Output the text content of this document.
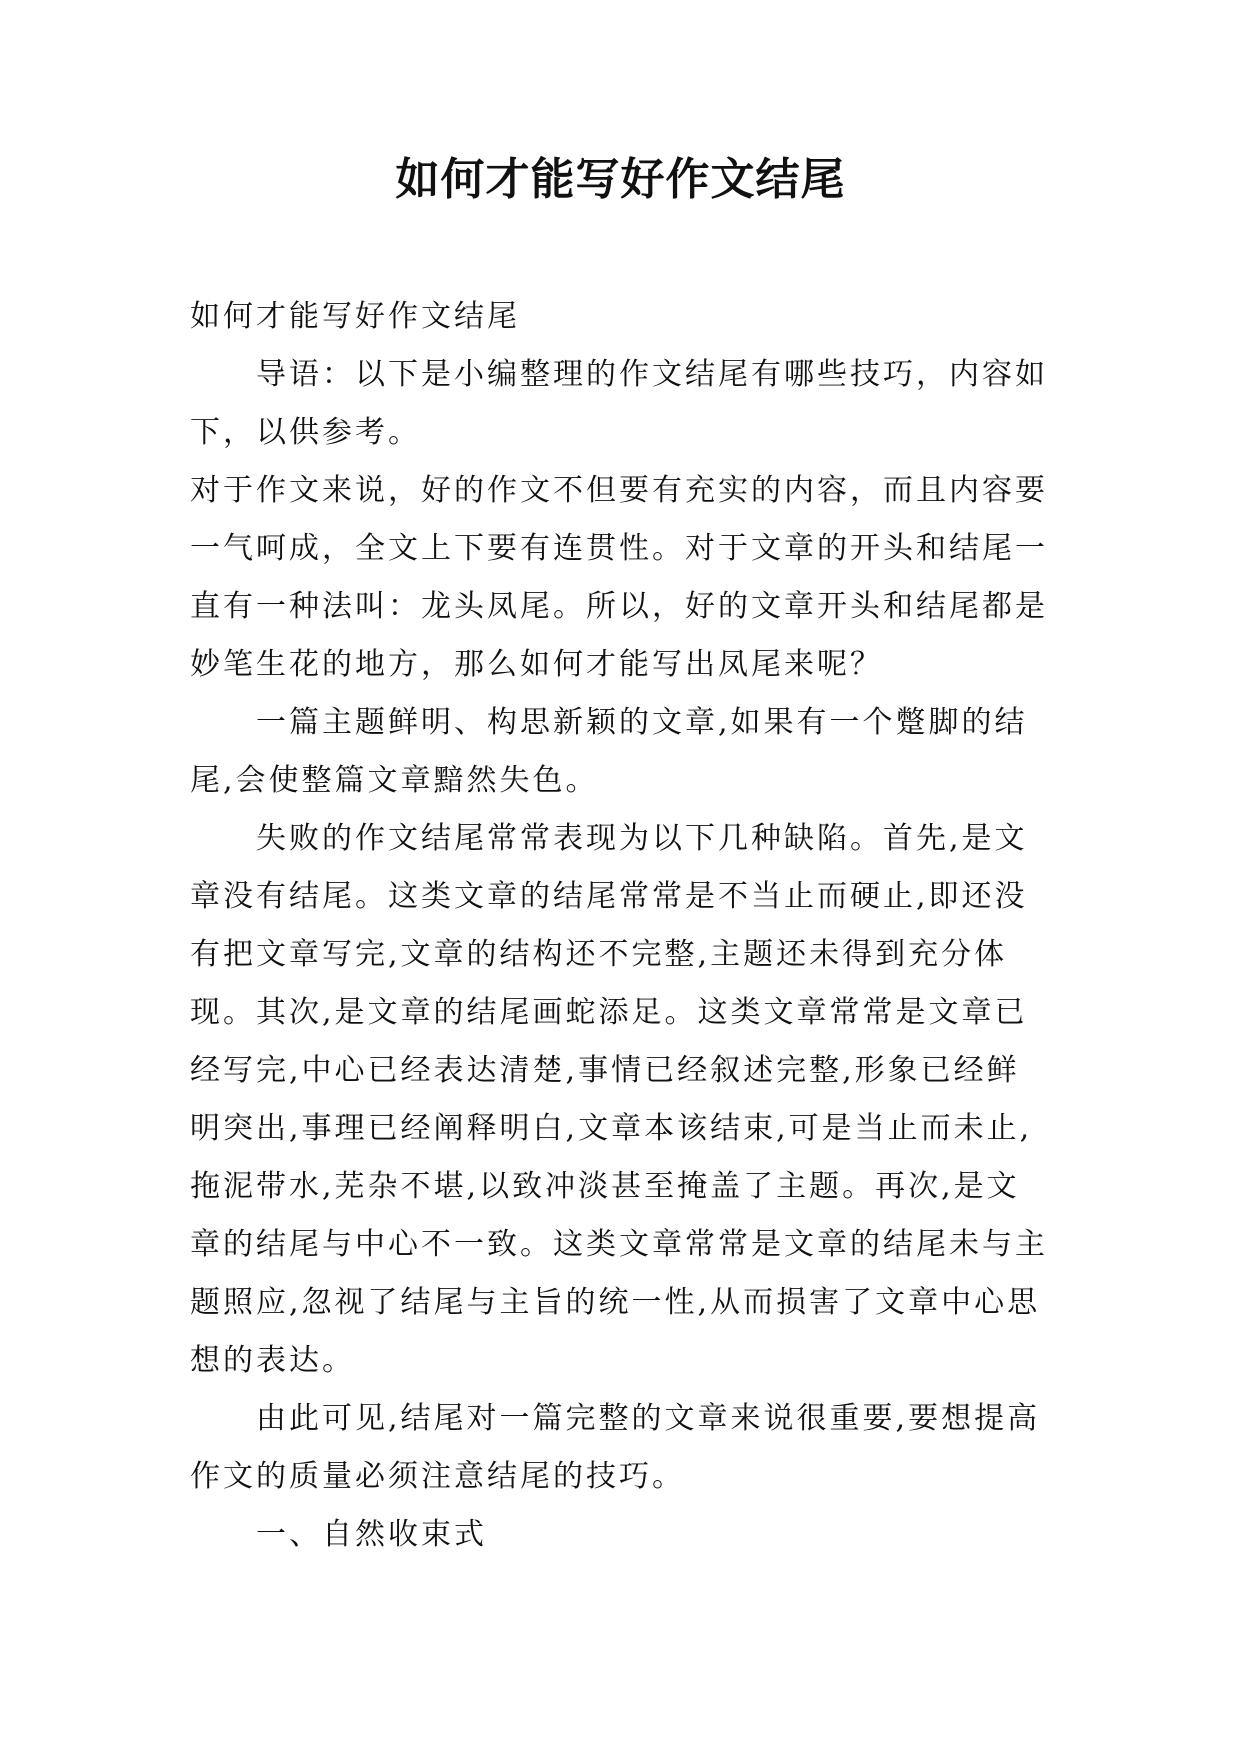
如何才能写好作文结尾

如何才能写好作文结尾

导语：以下是小编整理的作文结尾有哪些技巧，内容如下，以供参考。

对于作文来说，好的作文不但要有充实的内容，而且内容要一气呵成，全文上下要有连贯性。对于文章的开头和结尾一直有一种法叫：龙头凤尾。所以，好的文章开头和结尾都是妙笔生花的地方，那么如何才能写出凤尾来呢？

一篇主题鲜明、构思新颖的文章,如果有一个蹩脚的结尾,会使整篇文章黯然失色。

失败的作文结尾常常表现为以下几种缺陷。首先,是文章没有结尾。这类文章的结尾常常是不当止而硬止,即还没有把文章写完,文章的结构还不完整,主题还未得到充分体现。其次,是文章的结尾画蛇添足。这类文章常常是文章已经写完,中心已经表达清楚,事情已经叙述完整,形象已经鲜明突出,事理已经阐释明白,文章本该结束,可是当止而未止,拖泥带水,芜杂不堪,以致冲淡甚至掩盖了主题。再次,是文章的结尾与中心不一致。这类文章常常是文章的结尾未与主题照应,忽视了结尾与主旨的统一性,从而损害了文章中心思想的表达。

由此可见,结尾对一篇完整的文章来说很重要,要想提高作文的质量必须注意结尾的技巧。

一、自然收束式
